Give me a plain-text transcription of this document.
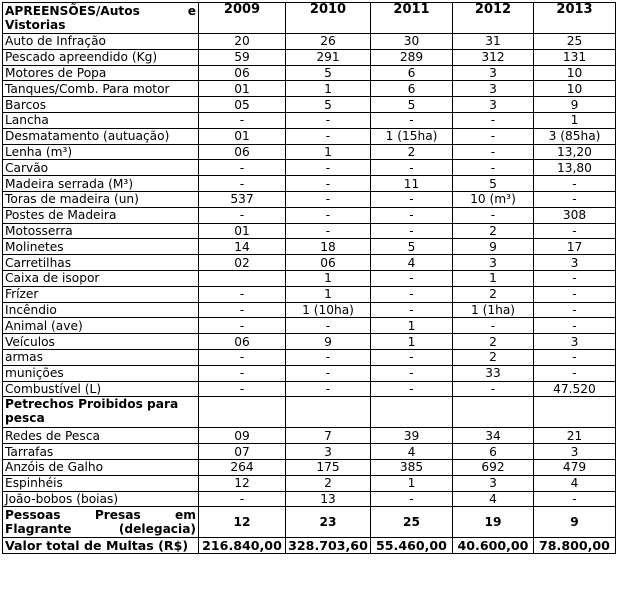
APREENSÕES/Autos e Vistorias	2009	2010	2011	2012	2013
Auto de Infração	20	26	30	31	25
Pescado apreendido (Kg)	59	291	289	312	131
Motores de Popa	06	5	6	3	10
Tanques/Comb. Para motor	01	1	6	3	10
Barcos	05	5	5	3	9
Lancha	-	-	-	-	1
Desmatamento (autuação)	01	-	1 (15ha)	-	3 (85ha)
Lenha (m³)	06	1	2	-	13,20
Carvão	-	-	-	-	13,80
Madeira serrada (M³)	-	-	11	5	-
Toras de madeira (un)	537	-	-	10 (m³)	-
Postes de Madeira	-	-	-	-	308
Motosserra	01	-	-	2	-
Molinetes	14	18	5	9	17
Carretilhas	02	06	4	3	3
Caixa de isopor		1	-	1	-
Frízer	-	1	-	2	-
Incêndio	-	1 (10ha)	-	1 (1ha)	-
Animal (ave)	-	-	1	-	-
Veículos	06	9	1	2	3
armas	-	-	-	2	-
munições	-	-	-	33	-
Combustível (L)	-	-	-	-	47.520
Petrechos Proibidos para pesca					
Redes de Pesca	09	7	39	34	21
Tarrafas	07	3	4	6	3
Anzóis de Galho	264	175	385	692	479
Espinhéis	12	2	1	3	4
João-bobos (boias)	-	13	-	4	-

Pessoas Presas em Flagrante (delegacia)	12	23	25	19	9
Valor total de Multas (R$)	216.840,00	328.703,60	55.460,00	40.600,00	78.800,00
